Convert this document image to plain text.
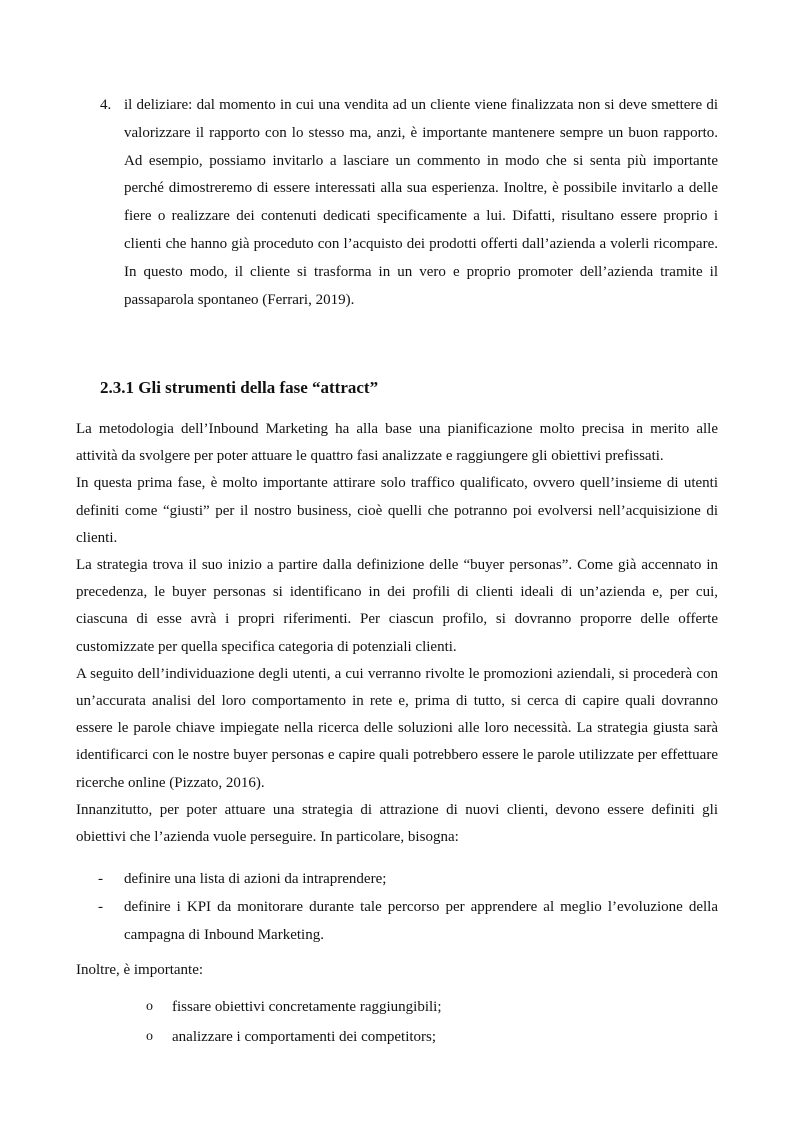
4. il deliziare: dal momento in cui una vendita ad un cliente viene finalizzata non si deve smettere di valorizzare il rapporto con lo stesso ma, anzi, è importante mantenere sempre un buon rapporto. Ad esempio, possiamo invitarlo a lasciare un commento in modo che si senta più importante perché dimostreremo di essere interessati alla sua esperienza. Inoltre, è possibile invitarlo a delle fiere o realizzare dei contenuti dedicati specificamente a lui. Difatti, risultano essere proprio i clienti che hanno già proceduto con l’acquisto dei prodotti offerti dall’azienda a volerli ricompare. In questo modo, il cliente si trasforma in un vero e proprio promoter dell’azienda tramite il passaparola spontaneo (Ferrari, 2019).
2.3.1 Gli strumenti della fase “attract”

La metodologia dell’Inbound Marketing ha alla base una pianificazione molto precisa in merito alle attività da svolgere per poter attuare le quattro fasi analizzate e raggiungere gli obiettivi prefissati.

In questa prima fase, è molto importante attirare solo traffico qualificato, ovvero quell’insieme di utenti definiti come “giusti” per il nostro business, cioè quelli che potranno poi evolversi nell’acquisizione di clienti.

La strategia trova il suo inizio a partire dalla definizione delle “buyer personas”. Come già accennato in precedenza, le buyer personas si identificano in dei profili di clienti ideali di un’azienda e, per cui, ciascuna di esse avrà i propri riferimenti. Per ciascun profilo, si dovranno proporre delle offerte customizzate per quella specifica categoria di potenziali clienti.

A seguito dell’individuazione degli utenti, a cui verranno rivolte le promozioni aziendali, si procederà con un’accurata analisi del loro comportamento in rete e, prima di tutto, si cerca di capire quali dovranno essere le parole chiave impiegate nella ricerca delle soluzioni alle loro necessità. La strategia giusta sarà identificarci con le nostre buyer personas e capire quali potrebbero essere le parole utilizzate per effettuare ricerche online (Pizzato, 2016).

Innanzitutto, per poter attuare una strategia di attrazione di nuovi clienti, devono essere definiti gli obiettivi che l’azienda vuole perseguire. In particolare, bisogna:

- definire una lista di azioni da intraprendere;
- definire i KPI da monitorare durante tale percorso per apprendere al meglio l’evoluzione della campagna di Inbound Marketing.
Inoltre, è importante:
o fissare obiettivi concretamente raggiungibili;
o analizzare i comportamenti dei competitors;
